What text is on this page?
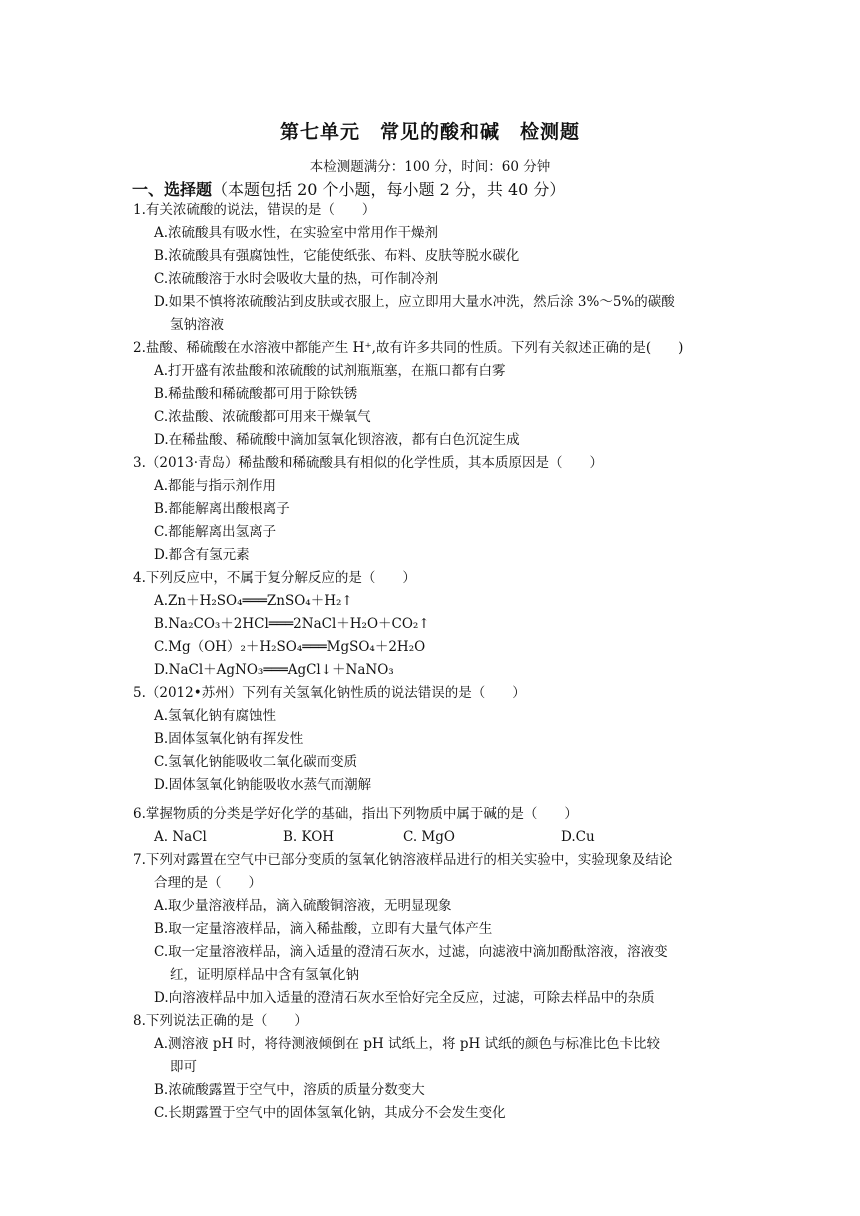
第七单元　常见的酸和碱　检测题
本检测题满分：100 分，时间：60 分钟
一、选择题（本题包括 20 个小题，每小题 2 分，共 40 分）
1.有关浓硫酸的说法，错误的是（　　）
A.浓硫酸具有吸水性，在实验室中常用作干燥剂
B.浓硫酸具有强腐蚀性，它能使纸张、布料、皮肤等脱水碳化
C.浓硫酸溶于水时会吸收大量的热，可作制冷剂
D.如果不慎将浓硫酸沾到皮肤或衣服上，应立即用大量水冲洗，然后涂 3%～5%的碳酸
氢钠溶液
2.盐酸、稀硫酸在水溶液中都能产生 H⁺,故有许多共同的性质。下列有关叙述正确的是(　　)
A.打开盛有浓盐酸和浓硫酸的试剂瓶瓶塞，在瓶口都有白雾
B.稀盐酸和稀硫酸都可用于除铁锈
C.浓盐酸、浓硫酸都可用来干燥氧气
D.在稀盐酸、稀硫酸中滴加氢氧化钡溶液，都有白色沉淀生成
3.（2013·青岛）稀盐酸和稀硫酸具有相似的化学性质，其本质原因是（　　）
A.都能与指示剂作用
B.都能解离出酸根离子
C.都能解离出氢离子
D.都含有氢元素
4.下列反应中，不属于复分解反应的是（　　）
A.Zn＋H₂SO₄═══ZnSO₄＋H₂↑
B.Na₂CO₃＋2HCl═══2NaCl＋H₂O＋CO₂↑
C.Mg（OH）₂＋H₂SO₄═══MgSO₄＋2H₂O
D.NaCl＋AgNO₃═══AgCl↓＋NaNO₃
5.（2012•苏州）下列有关氢氧化钠性质的说法错误的是（　　）
A.氢氧化钠有腐蚀性
B.固体氢氧化钠有挥发性
C.氢氧化钠能吸收二氧化碳而变质
D.固体氢氧化钠能吸收水蒸气而潮解
6.掌握物质的分类是学好化学的基础，指出下列物质中属于碱的是（　　）
A. NaCl	B. KOH	C. MgO	D.Cu
7.下列对露置在空气中已部分变质的氢氧化钠溶液样品进行的相关实验中，实验现象及结论
合理的是（　　）
A.取少量溶液样品，滴入硫酸铜溶液，无明显现象
B.取一定量溶液样品，滴入稀盐酸，立即有大量气体产生
C.取一定量溶液样品，滴入适量的澄清石灰水，过滤，向滤液中滴加酚酞溶液，溶液变
红，证明原样品中含有氢氧化钠
D.向溶液样品中加入适量的澄清石灰水至恰好完全反应，过滤，可除去样品中的杂质
8.下列说法正确的是（　　）
A.测溶液 pH 时，将待测液倾倒在 pH 试纸上，将 pH 试纸的颜色与标准比色卡比较
即可
B.浓硫酸露置于空气中，溶质的质量分数变大
C.长期露置于空气中的固体氢氧化钠，其成分不会发生变化
